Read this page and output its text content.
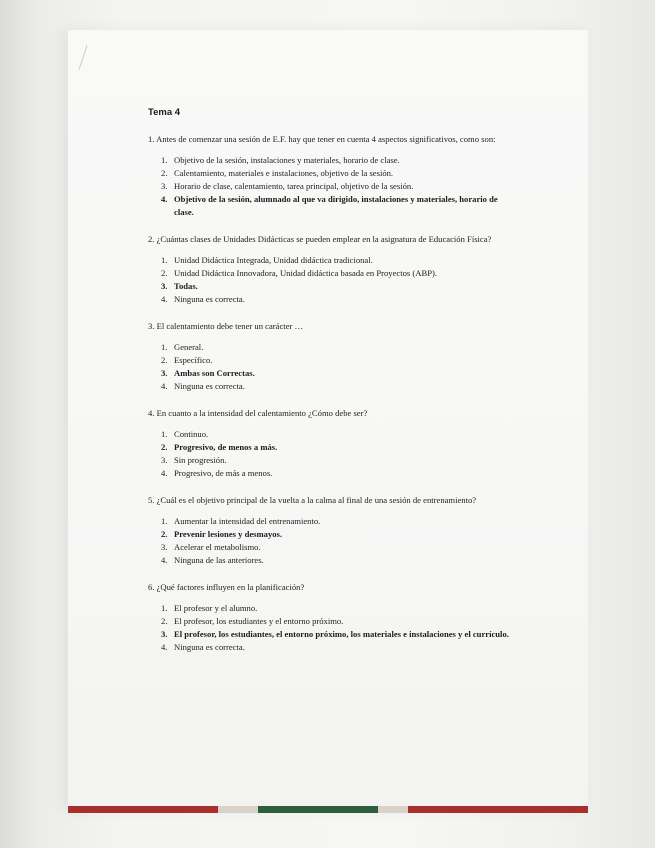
Tema 4
1. Antes de comenzar una sesión de E.F. hay que tener en cuenta 4 aspectos significativos, como son:
1. Objetivo de la sesión, instalaciones y materiales, horario de clase.
2. Calentamiento, materiales e instalaciones, objetivo de la sesión.
3. Horario de clase, calentamiento, tarea principal, objetivo de la sesión.
4. Objetivo de la sesión, alumnado al que va dirigido, instalaciones y materiales, horario de clase.
2. ¿Cuántas clases de Unidades Didácticas se pueden emplear en la asignatura de Educación Física?
1. Unidad Didáctica Integrada, Unidad didáctica tradicional.
2. Unidad Didáctica Innovadora, Unidad didáctica basada en Proyectos (ABP).
3. Todas.
4. Ninguna es correcta.
3. El calentamiento debe tener un carácter …
1. General.
2. Específico.
3. Ambas son Correctas.
4. Ninguna es correcta.
4. En cuanto a la intensidad del calentamiento ¿Cómo debe ser?
1. Continuo.
2. Progresivo, de menos a más.
3. Sin progresión.
4. Progresivo, de más a menos.
5. ¿Cuál es el objetivo principal de la vuelta a la calma al final de una sesión de entrenamiento?
1. Aumentar la intensidad del entrenamiento.
2. Prevenir lesiones y desmayos.
3. Acelerar el metabolismo.
4. Ninguna de las anteriores.
6. ¿Qué factores influyen en la planificación?
1. El profesor y el alumno.
2. El profesor, los estudiantes y el entorno próximo.
3. El profesor, los estudiantes, el entorno próximo, los materiales e instalaciones y el currículo.
4. Ninguna es correcta.
